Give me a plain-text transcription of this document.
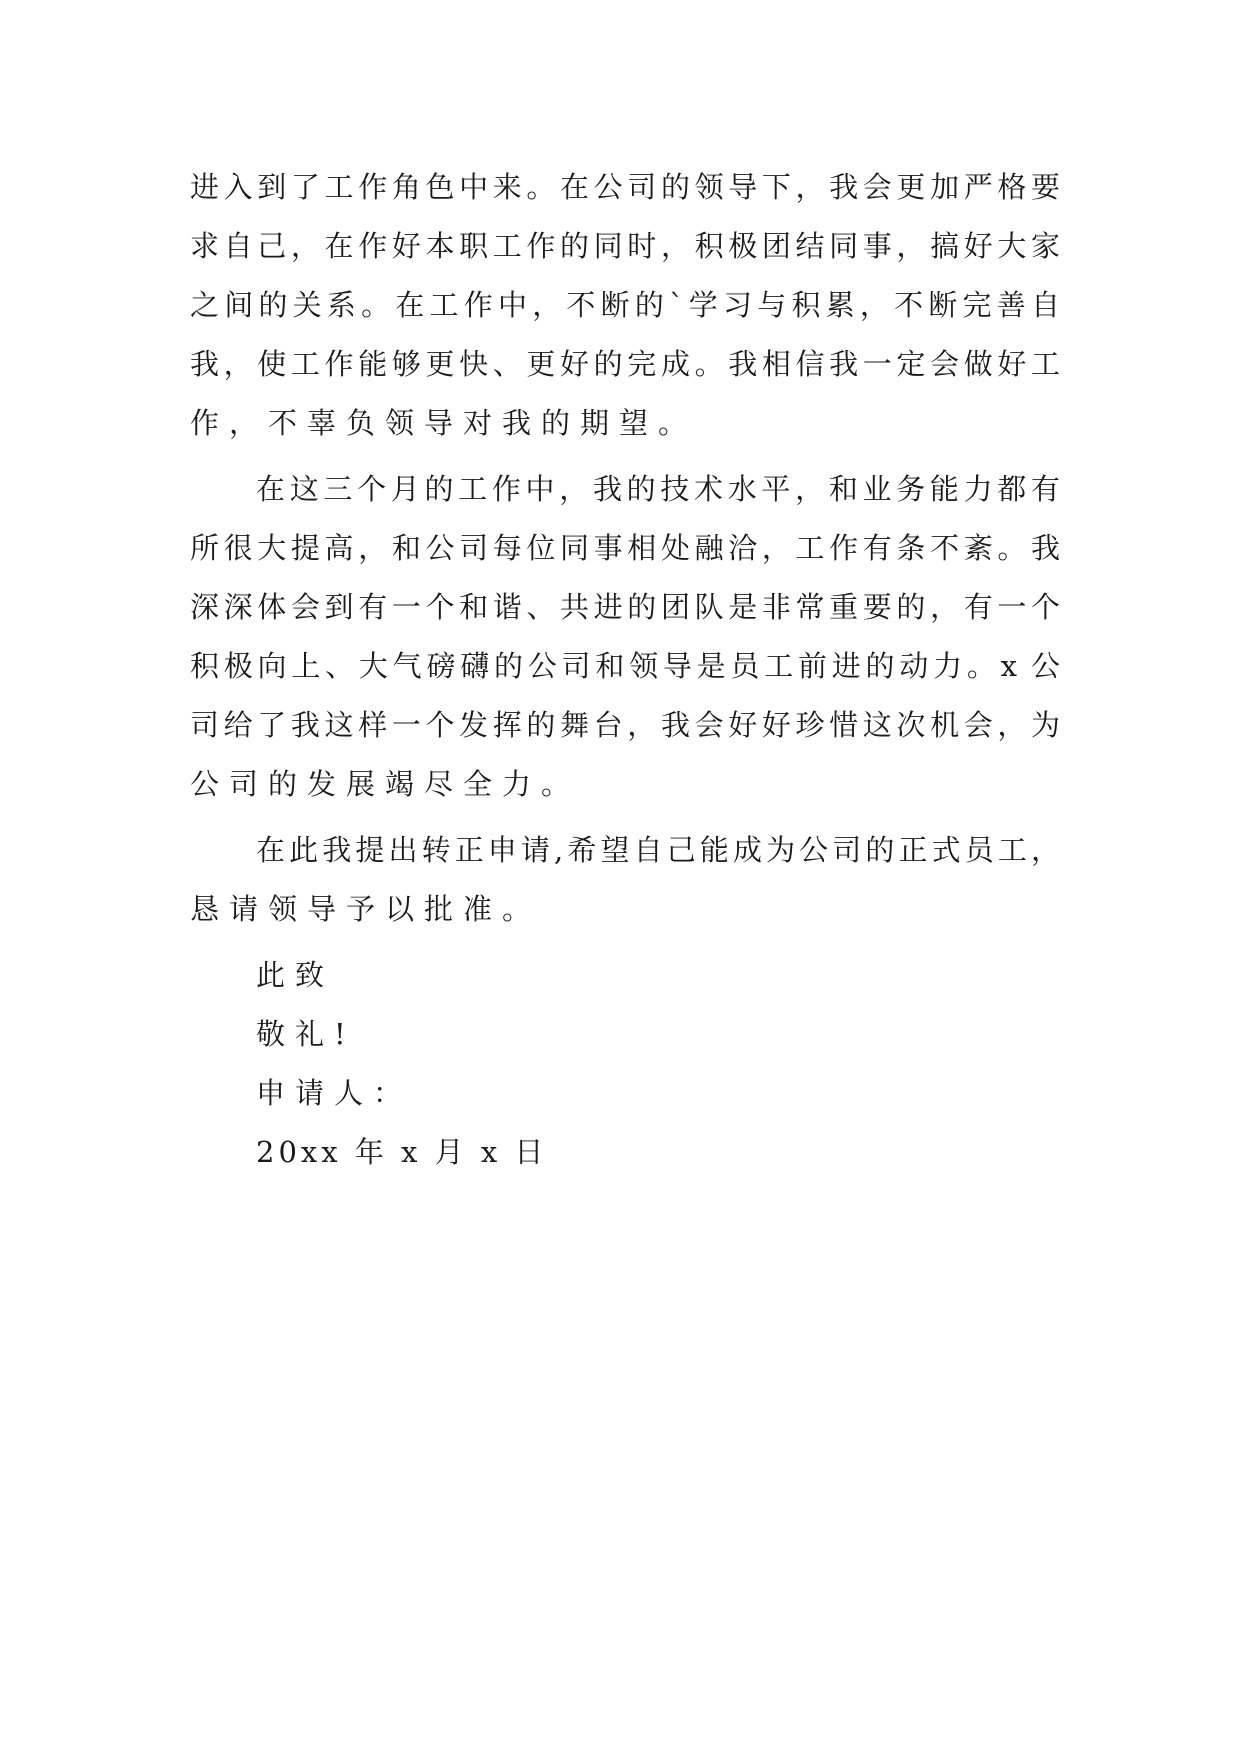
进入到了工作角色中来。在公司的领导下，我会更加严格要
求自己，在作好本职工作的同时，积极团结同事，搞好大家
之间的关系。在工作中，不断的`学习与积累，不断完善自
我，使工作能够更快、更好的完成。我相信我一定会做好工
作，不辜负领导对我的期望。
在这三个月的工作中，我的技术水平，和业务能力都有
所很大提高，和公司每位同事相处融洽，工作有条不紊。我
深深体会到有一个和谐、共进的团队是非常重要的，有一个
积极向上、大气磅礴的公司和领导是员工前进的动力。x 公
司给了我这样一个发挥的舞台，我会好好珍惜这次机会，为
公司的发展竭尽全力。
在此我提出转正申请,希望自己能成为公司的正式员工，
恳请领导予以批准。
此致
敬礼!
申请人：
20xx 年 x 月 x 日
